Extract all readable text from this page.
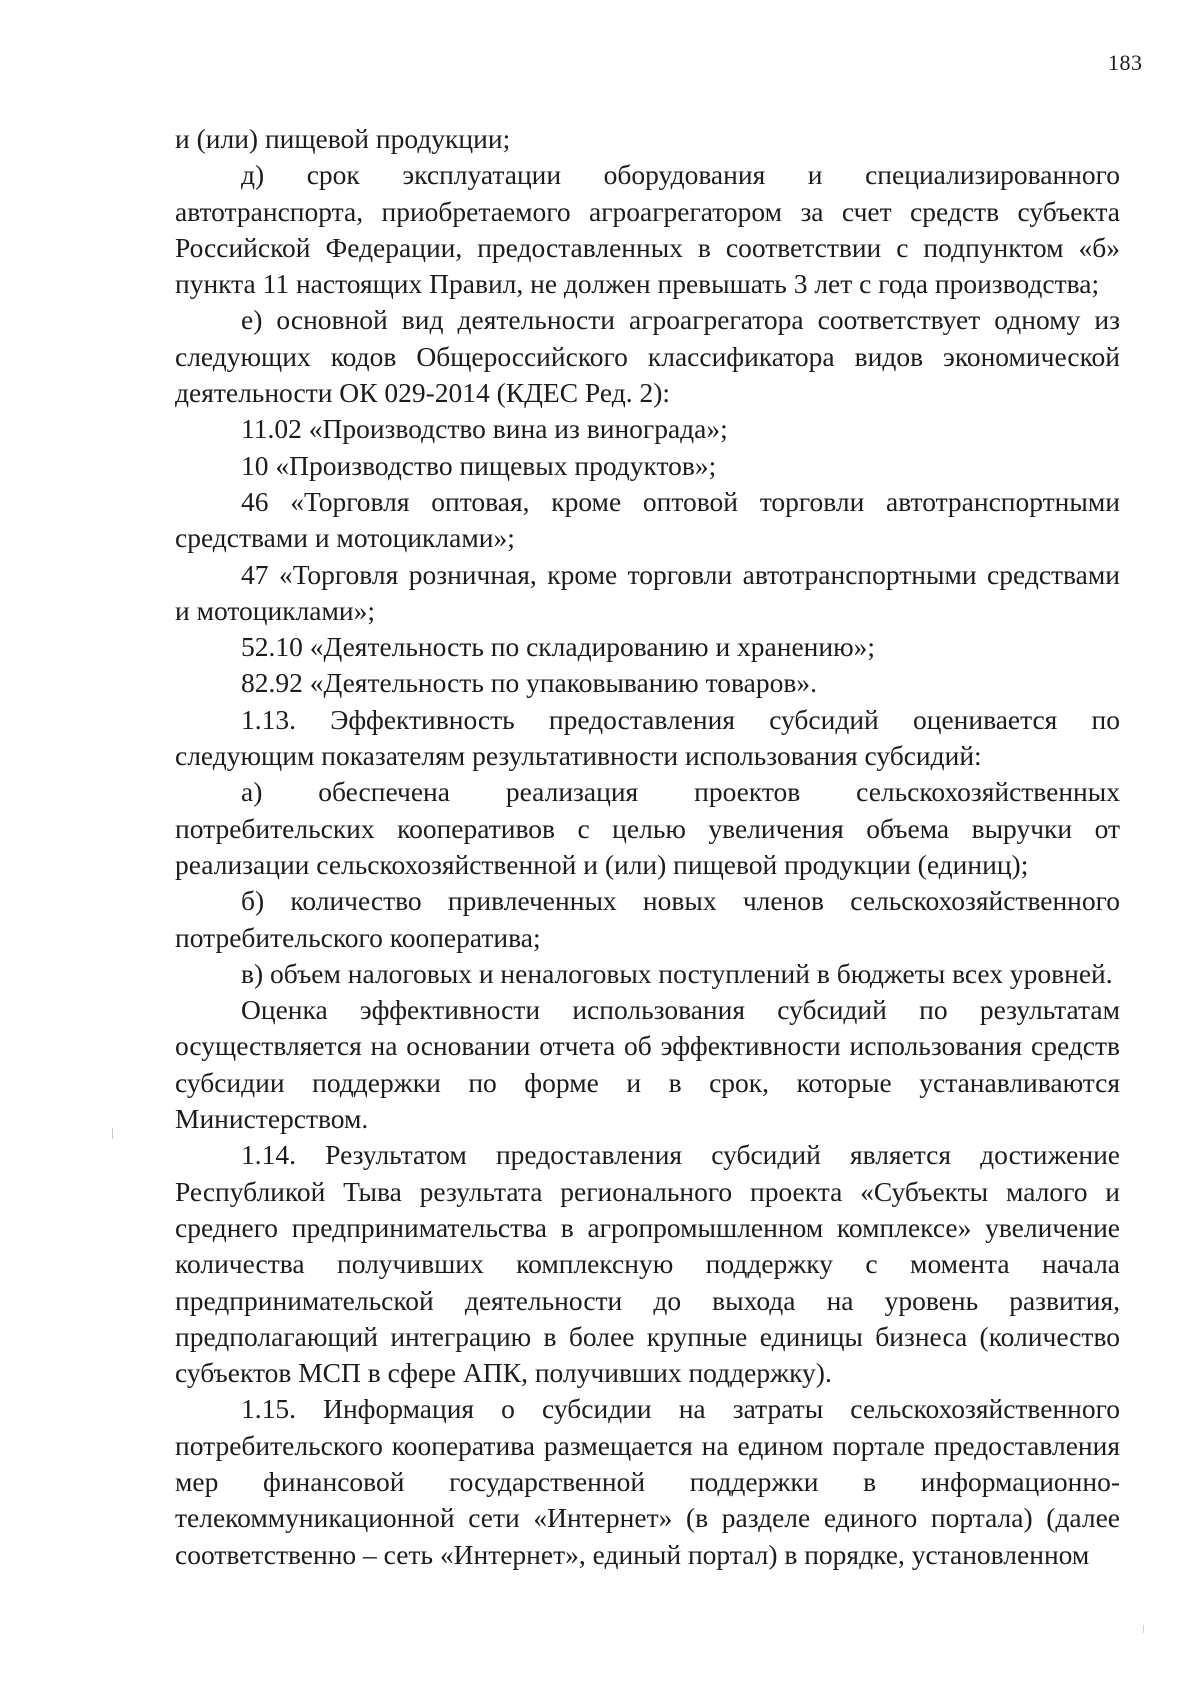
183

и (или) пищевой продукции;

д) срок эксплуатации оборудования и специализированного автотранспорта, приобретаемого агроагрегатором за счет средств субъекта Российской Федерации, предоставленных в соответствии с подпунктом «б» пункта 11 настоящих Правил, не должен превышать 3 лет с года производства;

е) основной вид деятельности агроагрегатора соответствует одному из следующих кодов Общероссийского классификатора видов экономической деятельности ОК 029-2014 (КДЕС Ред. 2):

11.02 «Производство вина из винограда»;

10 «Производство пищевых продуктов»;

46 «Торговля оптовая, кроме оптовой торговли автотранспортными средствами и мотоциклами»;

47 «Торговля розничная, кроме торговли автотранспортными средствами и мотоциклами»;

52.10 «Деятельность по складированию и хранению»;

82.92 «Деятельность по упаковыванию товаров».

1.13. Эффективность предоставления субсидий оценивается по следующим показателям результативности использования субсидий:

а) обеспечена реализация проектов сельскохозяйственных потребительских кооперативов с целью увеличения объема выручки от реализации сельскохозяйственной и (или) пищевой продукции (единиц);

б) количество привлеченных новых членов сельскохозяйственного потребительского кооператива;

в) объем налоговых и неналоговых поступлений в бюджеты всех уровней.

Оценка эффективности использования субсидий по результатам осуществляется на основании отчета об эффективности использования средств субсидии поддержки по форме и в срок, которые устанавливаются Министерством.

1.14. Результатом предоставления субсидий является достижение Республикой Тыва результата регионального проекта «Субъекты малого и среднего предпринимательства в агропромышленном комплексе» увеличение количества получивших комплексную поддержку с момента начала предпринимательской деятельности до выхода на уровень развития, предполагающий интеграцию в более крупные единицы бизнеса (количество субъектов МСП в сфере АПК, получивших поддержку).

1.15. Информация о субсидии на затраты сельскохозяйственного потребительского кооператива размещается на едином портале предоставления мер финансовой государственной поддержки в информационно-телекоммуникационной сети «Интернет» (в разделе единого портала) (далее соответственно – сеть «Интернет», единый портал) в порядке, установленном
